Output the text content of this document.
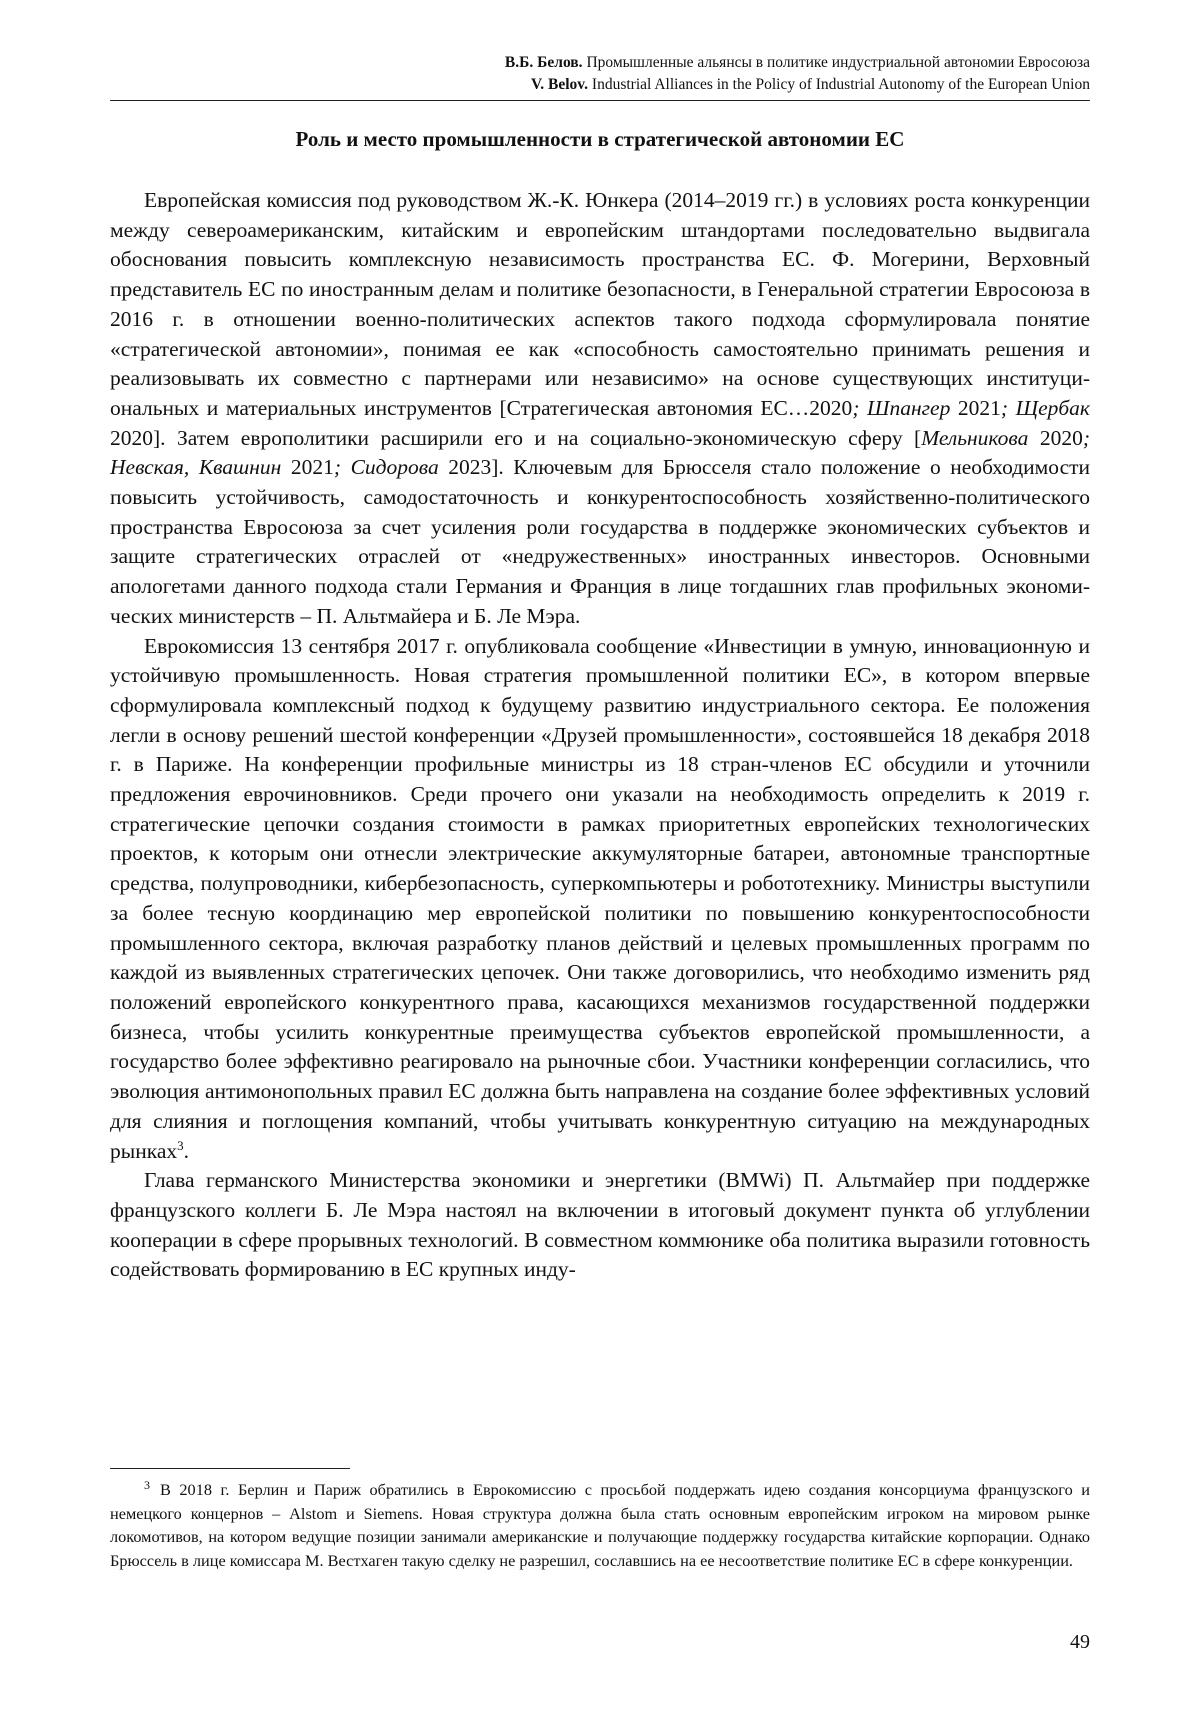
В.Б. Белов. Промышленные альянсы в политике индустриальной автономии Евросоюза
V. Belov. Industrial Alliances in the Policy of Industrial Autonomy of the European Union
Роль и место промышленности в стратегической автономии ЕС

Европейская комиссия под руководством Ж.-К. Юнкера (2014–2019 гг.) в условиях роста конкуренции между североамериканским, китайским и европейским штандортами последовательно выдвигала обоснования повысить комплексную независимость пространства ЕС. Ф. Могерини, Верховный представитель ЕС по иностранным делам и политике безопасности, в Генеральной стратегии Евросоюза в 2016 г. в отношении военно-политических аспектов такого подхода сформулировала понятие «стратегической автономии», понимая ее как «способность самостоятельно принимать решения и реализовывать их совместно с партнерами или независимо» на основе существующих институциональных и материальных инструментов [Стратегическая автономия ЕС…2020; Шпангер 2021; Щербак 2020]. Затем европолитики расширили его и на социально-экономическую сферу [Мельникова 2020; Невская, Квашнин 2021; Сидорова 2023]. Ключевым для Брюсселя стало положение о необходимости повысить устойчивость, самодостаточность и конкурентоспособность хозяйственно-политического пространства Евросоюза за счет усиления роли государства в поддержке экономических субъектов и защите стратегических отраслей от «недружественных» иностранных инвесторов. Основными апологетами данного подхода стали Германия и Франция в лице тогдашних глав профильных экономических министерств – П. Альтмайера и Б. Ле Мэра.

Еврокомиссия 13 сентября 2017 г. опубликовала сообщение «Инвестиции в умную, инновационную и устойчивую промышленность. Новая стратегия промышленной политики ЕС», в котором впервые сформулировала комплексный подход к будущему развитию индустриального сектора. Ее положения легли в основу решений шестой конференции «Друзей промышленности», состоявшейся 18 декабря 2018 г. в Париже. На конференции профильные министры из 18 стран-членов ЕС обсудили и уточнили предложения еврочиновников. Среди прочего они указали на необходимость определить к 2019 г. стратегические цепочки создания стоимости в рамках приоритетных европейских технологических проектов, к которым они отнесли электрические аккумуляторные батареи, автономные транспортные средства, полупроводники, кибербезопасность, суперкомпьютеры и робототехнику. Министры выступили за более тесную координацию мер европейской политики по повышению конкурентоспособности промышленного сектора, включая разработку планов действий и целевых промышленных программ по каждой из выявленных стратегических цепочек. Они также договорились, что необходимо изменить ряд положений европейского конкурентного права, касающихся механизмов государственной поддержки бизнеса, чтобы усилить конкурентные преимущества субъектов европейской промышленности, а государство более эффективно реагировало на рыночные сбои. Участники конференции согласились, что эволюция антимонопольных правил ЕС должна быть направлена на создание более эффективных условий для слияния и поглощения компаний, чтобы учитывать конкурентную ситуацию на международных рынках$^3$.

Глава германского Министерства экономики и энергетики (BMWi) П. Альтмайер при поддержке французского коллеги Б. Ле Мэра настоял на включении в итоговый документ пункта об углублении кооперации в сфере прорывных технологий. В совместном коммюнике оба политика выразили готовность содействовать формированию в ЕС крупных инду-

$^3$ В 2018 г. Берлин и Париж обратились в Еврокомиссию с просьбой поддержать идею создания консорциума французского и немецкого концернов – Alstom и Siemens. Новая структура должна была стать основным европейским игроком на мировом рынке локомотивов, на котором ведущие позиции занимали американские и получающие поддержку государства китайские корпорации. Однако Брюссель в лице комиссара М. Вестхаген такую сделку не разрешил, сославшись на ее несоответствие политике ЕС в сфере конкуренции.

49
